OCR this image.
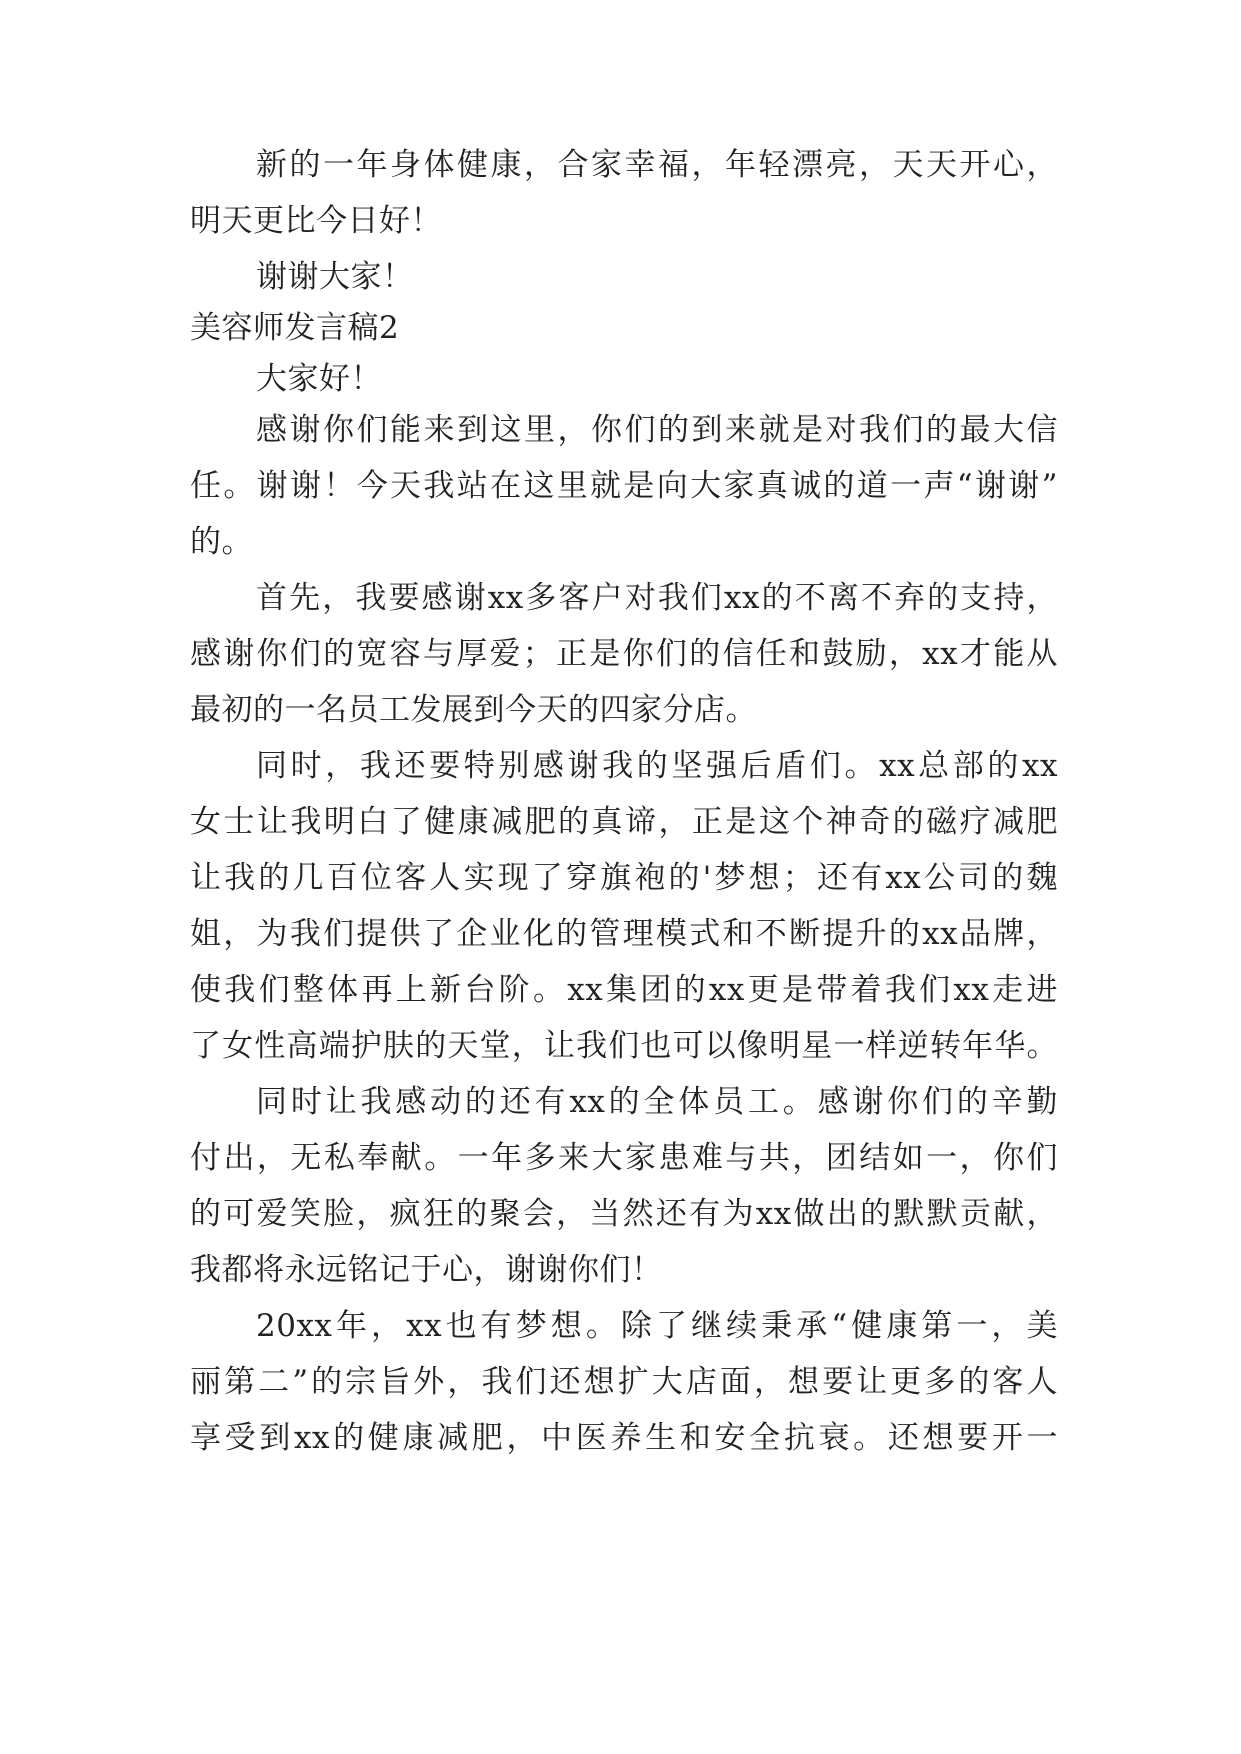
新的一年身体健康，合家幸福，年轻漂亮，天天开心，
明天更比今日好！
谢谢大家！
美容师发言稿2
大家好！
感谢你们能来到这里，你们的到来就是对我们的最大信
任。谢谢！今天我站在这里就是向大家真诚的道一声“谢谢”
的。
首先，我要感谢xx多客户对我们xx的不离不弃的支持，
感谢你们的宽容与厚爱；正是你们的信任和鼓励，xx才能从
最初的一名员工发展到今天的四家分店。
同时，我还要特别感谢我的坚强后盾们。xx总部的xx
女士让我明白了健康减肥的真谛，正是这个神奇的磁疗减肥
让我的几百位客人实现了穿旗袍的'梦想；还有xx公司的魏
姐，为我们提供了企业化的管理模式和不断提升的xx品牌，
使我们整体再上新台阶。xx集团的xx更是带着我们xx走进
了女性高端护肤的天堂，让我们也可以像明星一样逆转年华。
同时让我感动的还有xx的全体员工。感谢你们的辛勤
付出，无私奉献。一年多来大家患难与共，团结如一，你们
的可爱笑脸，疯狂的聚会，当然还有为xx做出的默默贡献，
我都将永远铭记于心，谢谢你们！
20xx年，xx也有梦想。除了继续秉承“健康第一，美
丽第二”的宗旨外，我们还想扩大店面，想要让更多的客人
享受到xx的健康减肥，中医养生和安全抗衰。还想要开一
